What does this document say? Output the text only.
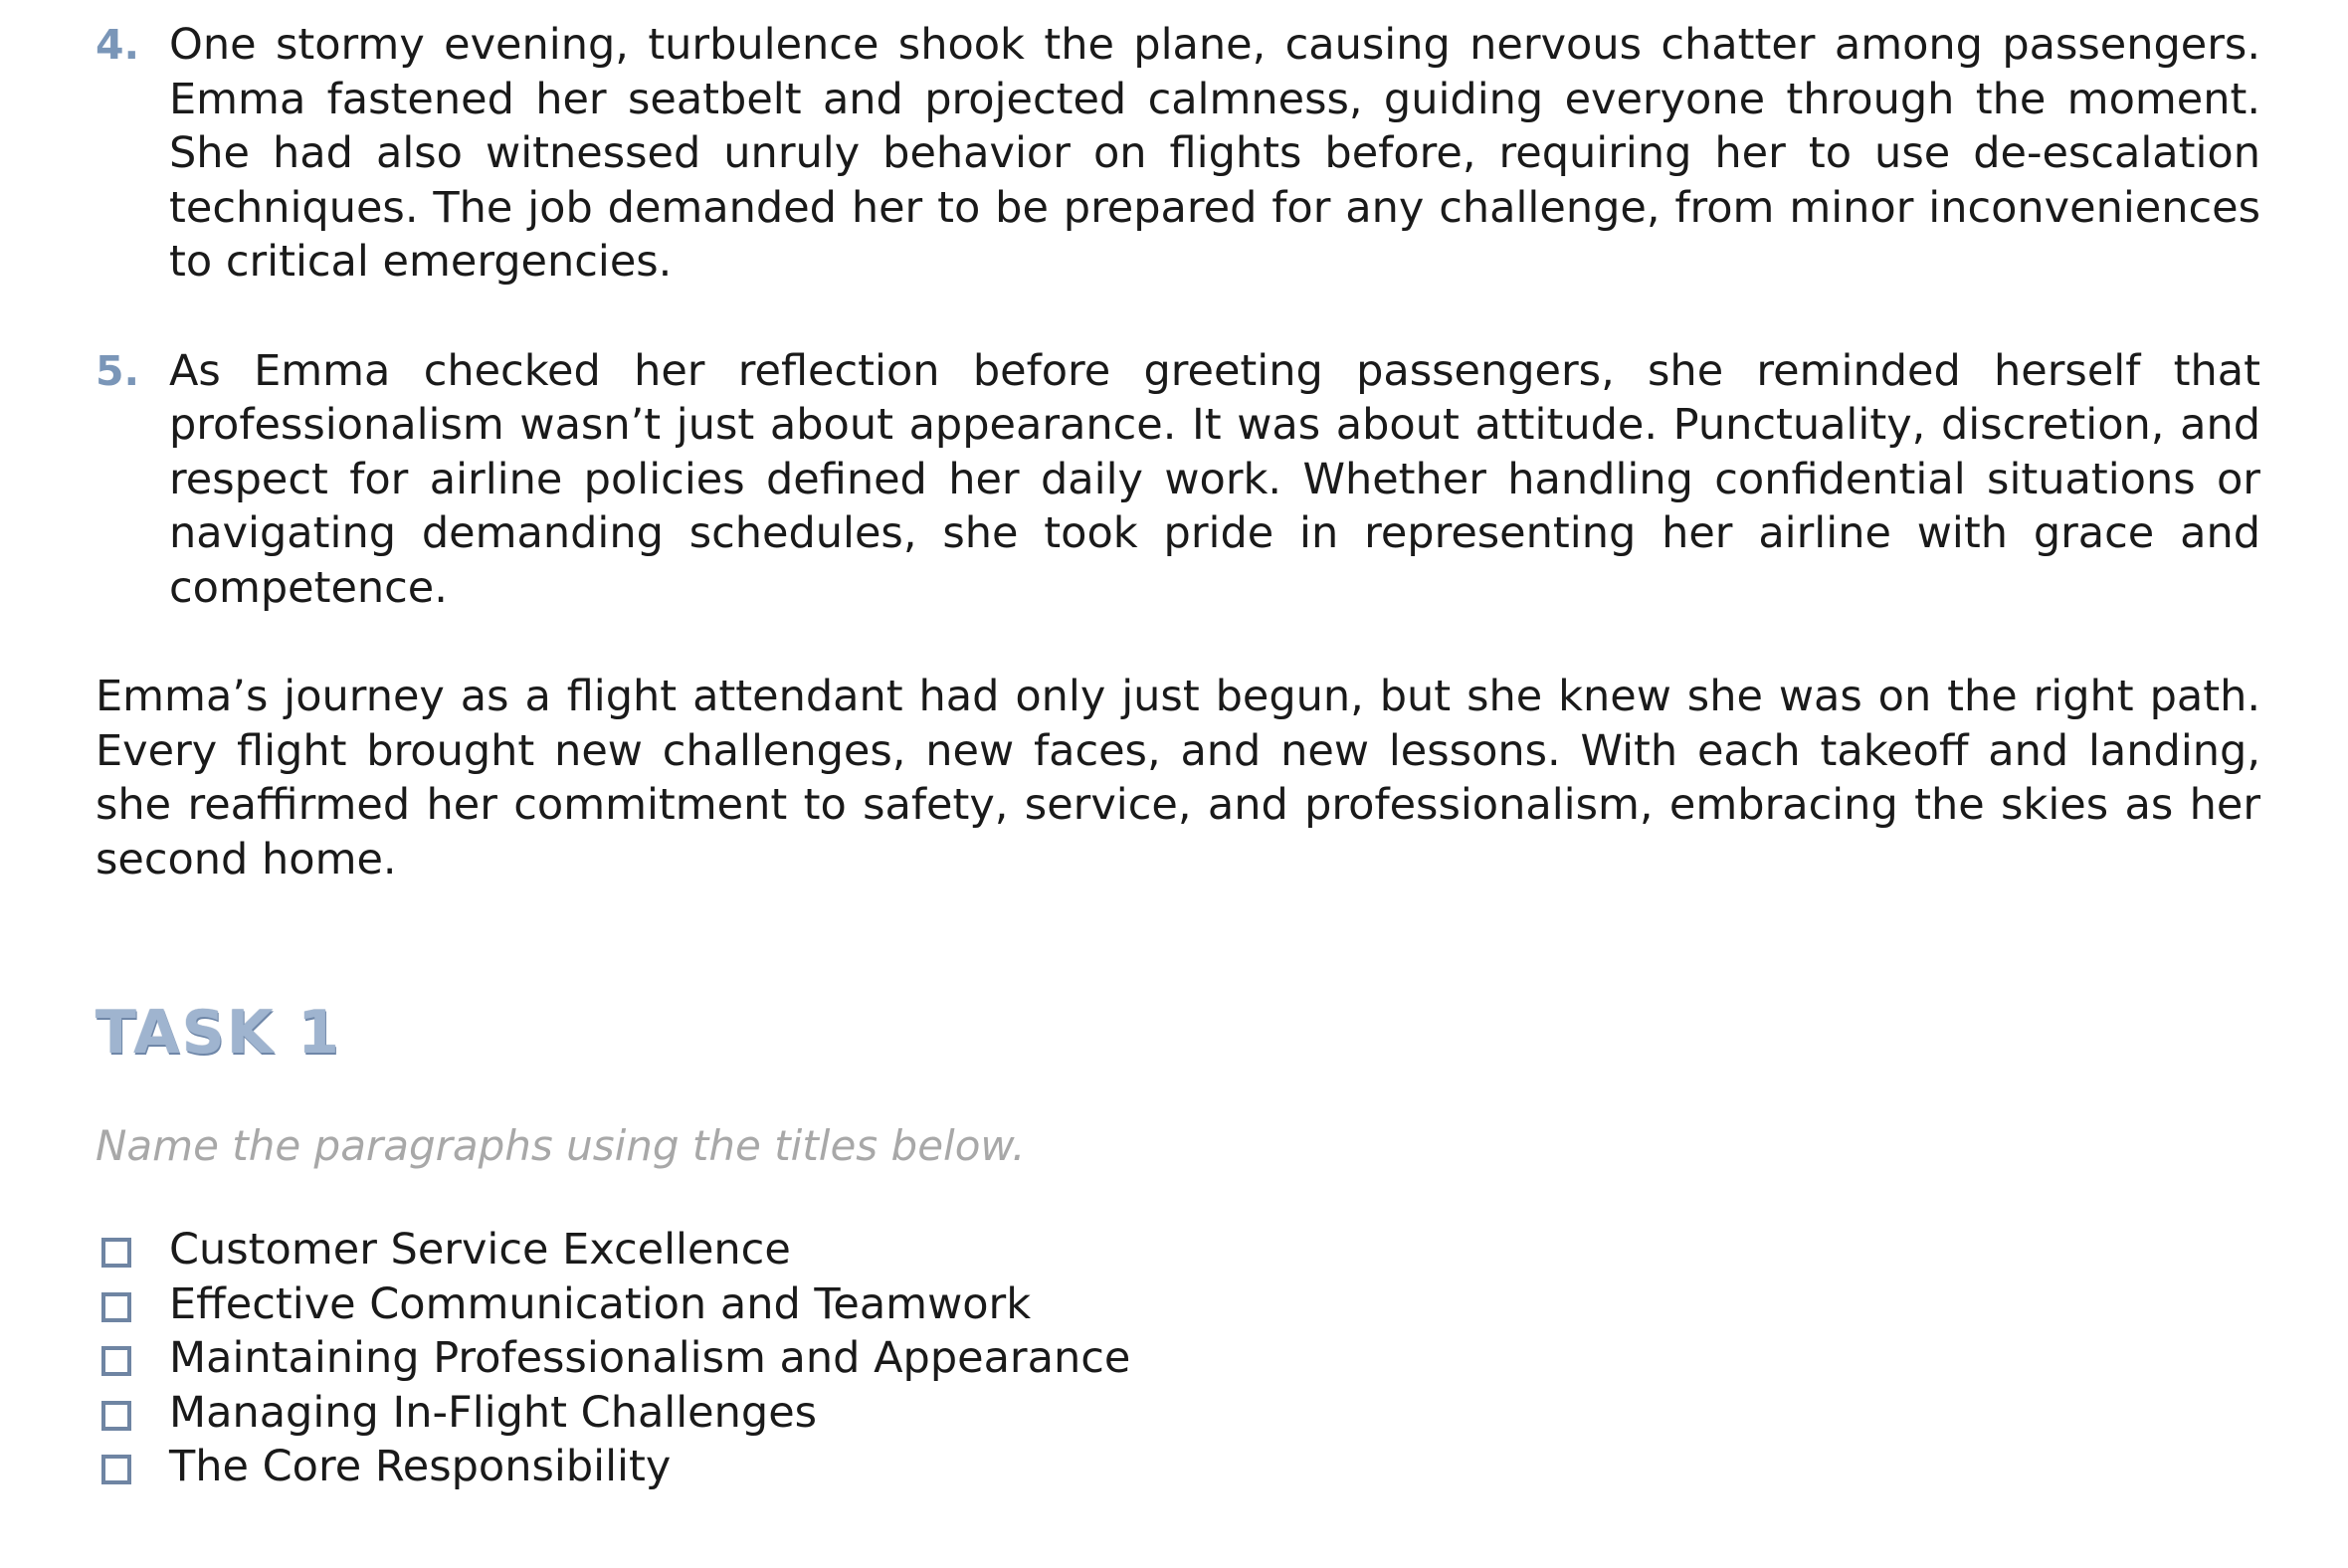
4. One stormy evening, turbulence shook the plane, causing nervous chatter among passengers. Emma fastened her seatbelt and projected calmness, guiding everyone through the moment. She had also witnessed unruly behavior on flights before, requiring her to use de-escalation techniques. The job demanded her to be prepared for any challenge, from minor inconveniences to critical emergencies.
5. As Emma checked her reflection before greeting passengers, she reminded herself that professionalism wasn’t just about appearance. It was about attitude. Punctuality, discretion, and respect for airline policies defined her daily work. Whether handling confidential situations or navigating demanding schedules, she took pride in representing her airline with grace and competence.

Emma’s journey as a flight attendant had only just begun, but she knew she was on the right path. Every flight brought new challenges, new faces, and new lessons. With each takeoff and landing, she reaffirmed her commitment to safety, service, and professionalism, embracing the skies as her second home.

TASK 1
Name the paragraphs using the titles below.
Customer Service Excellence
Effective Communication and Teamwork
Maintaining Professionalism and Appearance
Managing In-Flight Challenges
The Core Responsibility
